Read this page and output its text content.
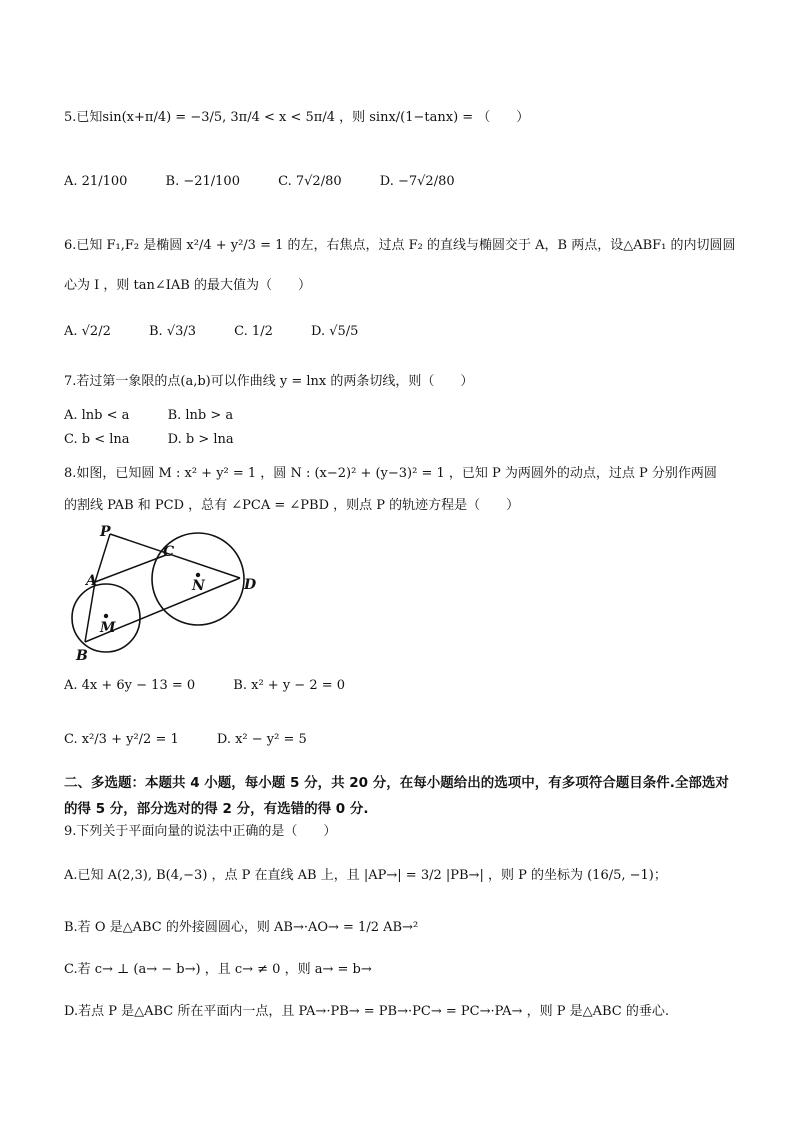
5.已知sin(x+π/4) = −3/5, 3π/4 < x < 5π/4 ，则 sinx/(1−tanx) = （　　）
A. 21/100	B. −21/100	C. 7√2/80	D. −7√2/80
6.已知 F₁,F₂ 是椭圆 x²/4 + y²/3 = 1 的左，右焦点，过点 F₂ 的直线与椭圆交于 A，B 两点，设△ABF₁ 的内切圆圆
心为 I ，则 tan∠IAB 的最大值为（　　）
A. √2/2	B. √3/3	C. 1/2	D. √5/5
7.若过第一象限的点(a,b)可以作曲线 y = lnx 的两条切线，则（　　）
A. lnb < a	B. lnb > a
C. b < lna	D. b > lna
8.如图，已知圆 M : x² + y² = 1 ，圆 N : (x−2)² + (y−3)² = 1 ，已知 P 为两圆外的动点，过点 P 分别作两圆
的割线 PAB 和 PCD ，总有 ∠PCA = ∠PBD ，则点 P 的轨迹方程是（　　）
P
A
B
C
D
M
N
A. 4x + 6y − 13 = 0	B. x² + y − 2 = 0
C. x²/3 + y²/2 = 1	D. x² − y² = 5
二、多选题：本题共 4 小题，每小题 5 分，共 20 分，在每小题给出的选项中，有多项符合题目条件.全部选对的得 5 分，部分选对的得 2 分，有选错的得 0 分.
9.下列关于平面向量的说法中正确的是（　　）
A.已知 A(2,3), B(4,−3) ，点 P 在直线 AB 上，且 |AP→| = 3/2 |PB→| ，则 P 的坐标为 (16/5, −1)；
B.若 O 是△ABC 的外接圆圆心，则 AB→·AO→ = 1/2 AB→²
C.若 c→ ⊥ (a→ − b→) ，且 c→ ≠ 0 ，则 a→ = b→
D.若点 P 是△ABC 所在平面内一点，且 PA→·PB→ = PB→·PC→ = PC→·PA→ ，则 P 是△ABC 的垂心.
